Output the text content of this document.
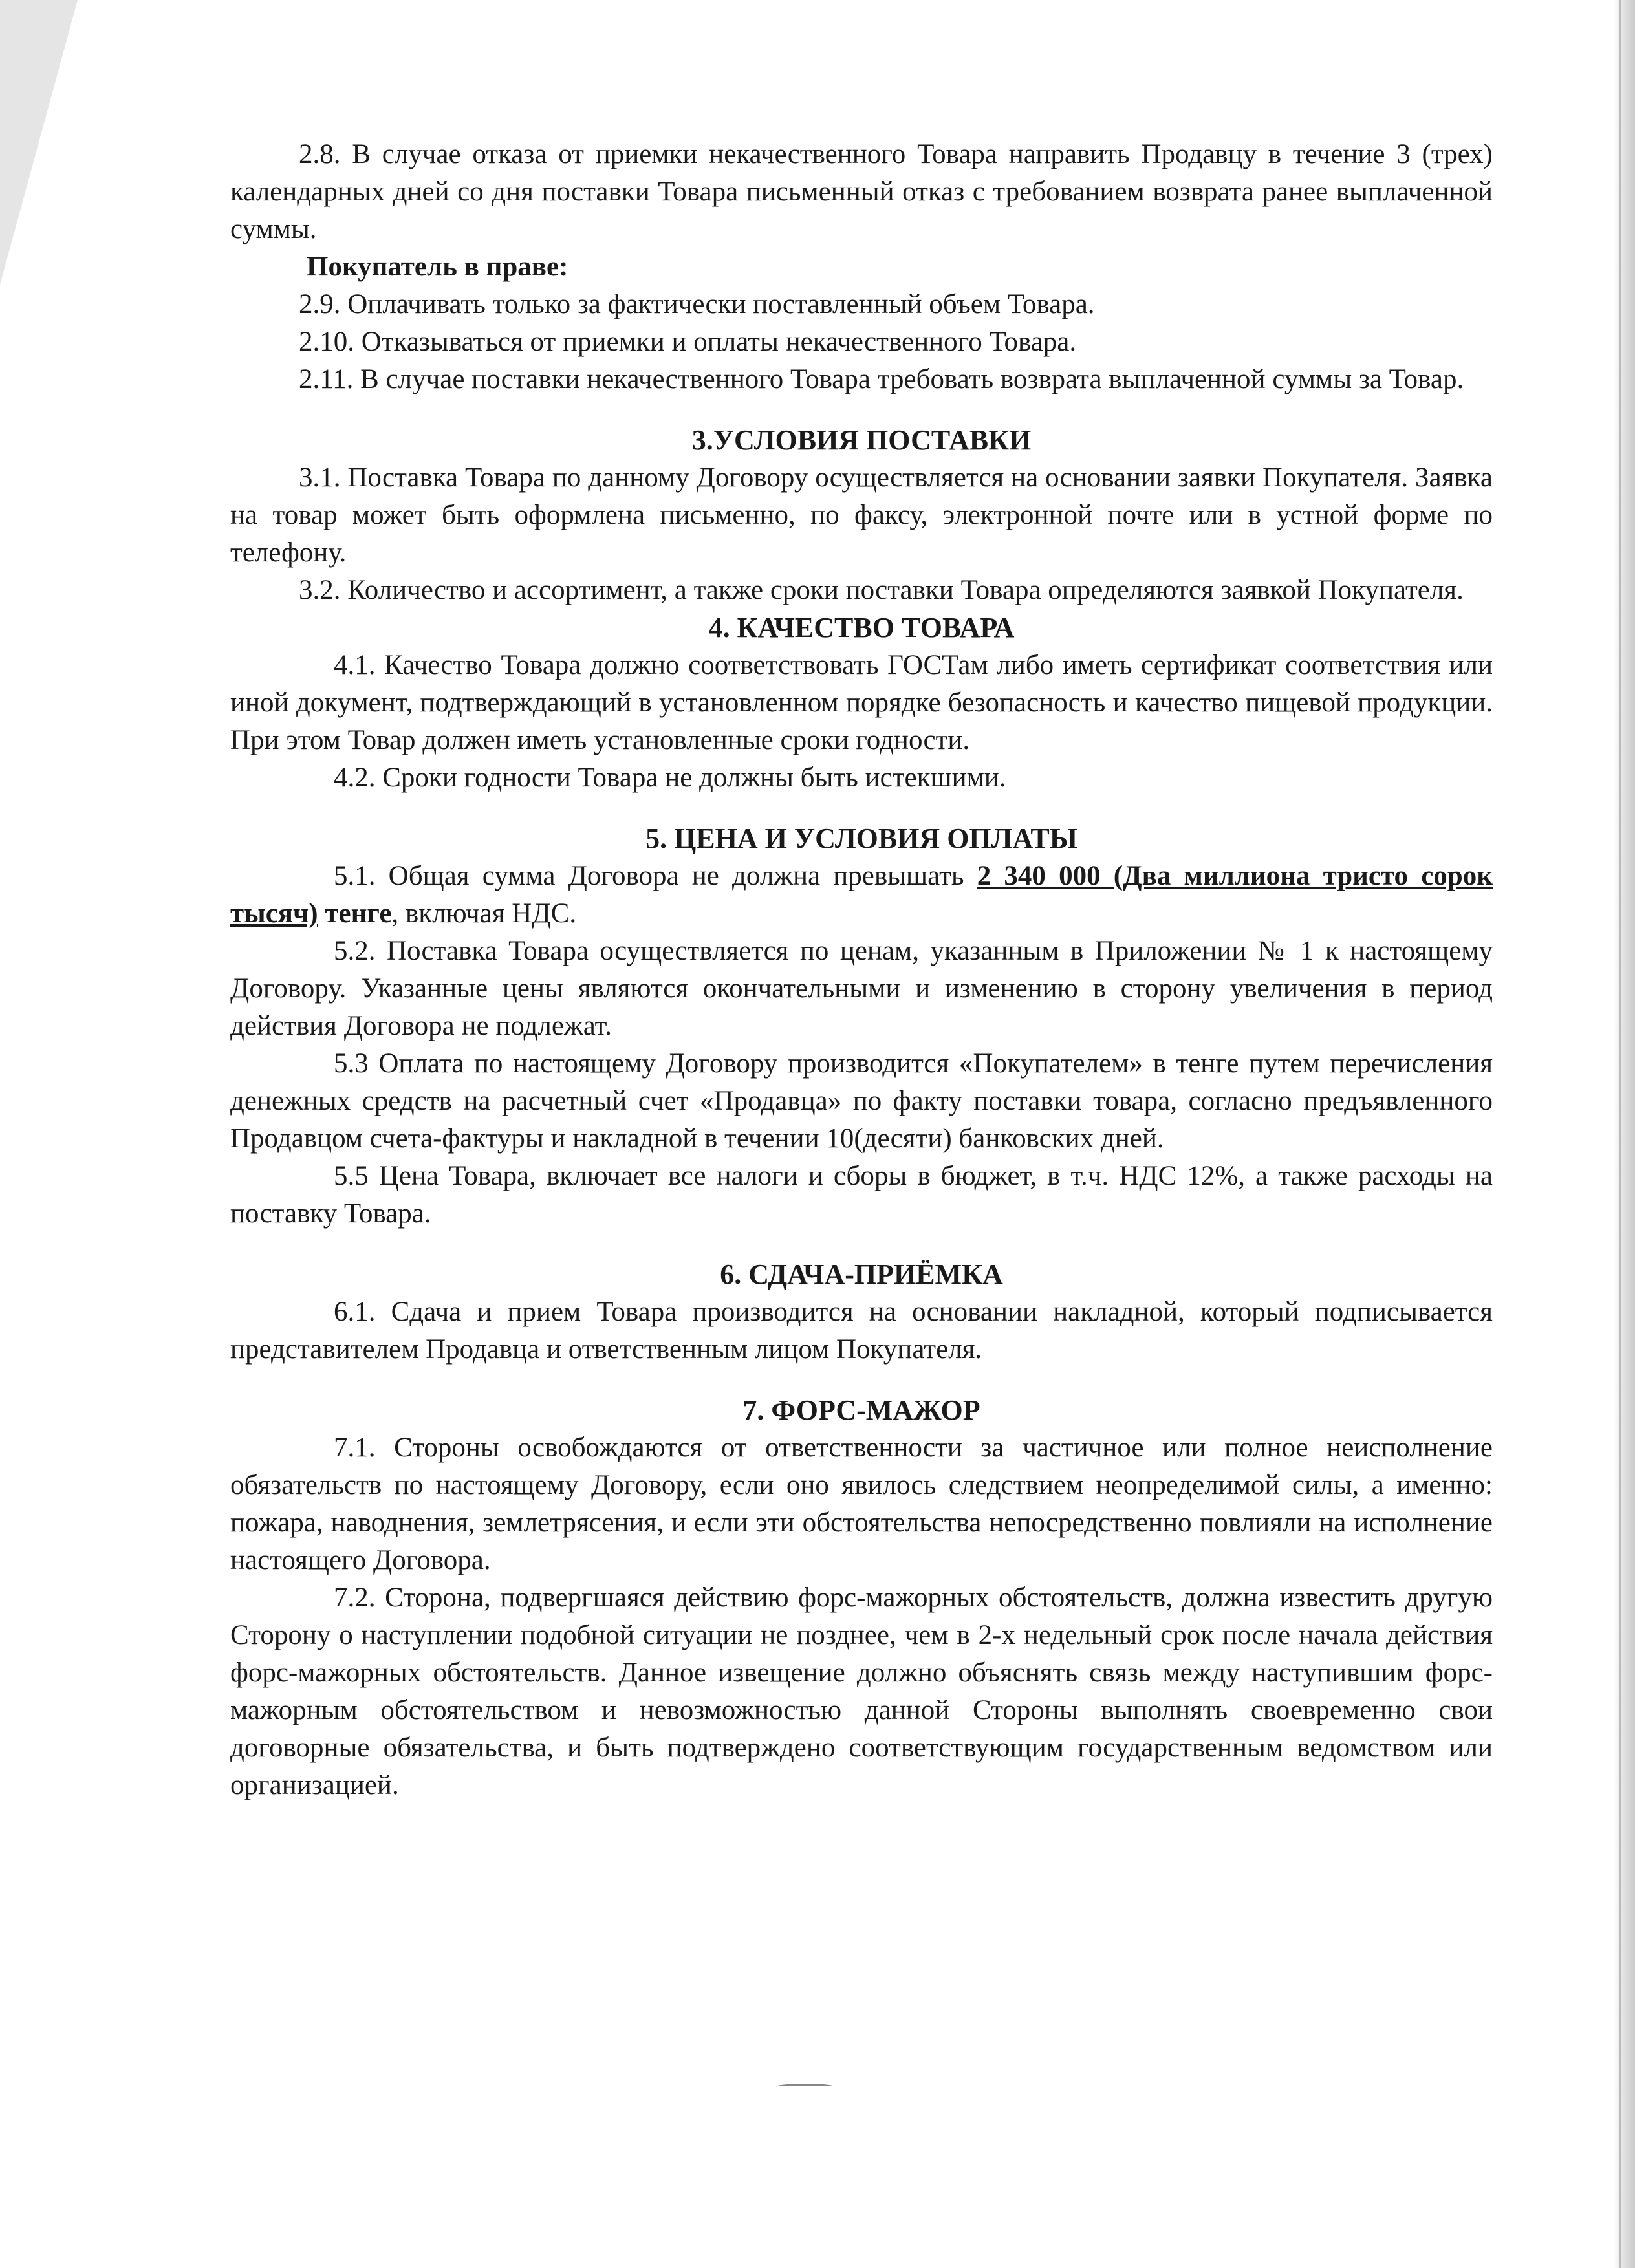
2.8. В случае отказа от приемки некачественного Товара направить Продавцу в течение 3 (трех) календарных дней со дня поставки Товара письменный отказ с требованием возврата ранее выплаченной суммы.

Покупатель в праве:

2.9. Оплачивать только за фактически поставленный объем Товара.

2.10. Отказываться от приемки и оплаты некачественного Товара.

2.11. В случае поставки некачественного Товара требовать возврата выплаченной суммы за Товар.

3.УСЛОВИЯ ПОСТАВКИ

3.1. Поставка Товара по данному Договору осуществляется на основании заявки Покупателя. Заявка на товар может быть оформлена письменно, по факсу, электронной почте или в устной форме по телефону.

3.2. Количество и ассортимент, а также сроки поставки Товара определяются заявкой Покупателя.

4. КАЧЕСТВО ТОВАРА

4.1. Качество Товара должно соответствовать ГОСТам либо иметь сертификат соответствия или иной документ, подтверждающий в установленном порядке безопасность и качество пищевой продукции. При этом Товар должен иметь установленные сроки годности.

4.2. Сроки годности Товара не должны быть истекшими.

5. ЦЕНА И УСЛОВИЯ ОПЛАТЫ

5.1. Общая сумма Договора не должна превышать 2 340 000 (Два миллиона тристо сорок тысяч) тенге, включая НДС.

5.2. Поставка Товара осуществляется по ценам, указанным в Приложении № 1 к настоящему Договору. Указанные цены являются окончательными и изменению в сторону увеличения в период действия Договора не подлежат.

5.3 Оплата по настоящему Договору производится «Покупателем» в тенге путем перечисления денежных средств на расчетный счет «Продавца» по факту поставки товара, согласно предъявленного Продавцом счета-фактуры и накладной в течении 10(десяти) банковских дней.

5.5 Цена Товара, включает все налоги и сборы в бюджет, в т.ч. НДС 12%, а также расходы на поставку Товара.

6. СДАЧА-ПРИЁМКА

6.1. Сдача и прием Товара производится на основании накладной, который подписывается представителем Продавца и ответственным лицом Покупателя.

7. ФОРС-МАЖОР

7.1. Стороны освобождаются от ответственности за частичное или полное неисполнение обязательств по настоящему Договору, если оно явилось следствием неопределимой силы, а именно: пожара, наводнения, землетрясения, и если эти обстоятельства непосредственно повлияли на исполнение настоящего Договора.

7.2. Сторона, подвергшаяся действию форс-мажорных обстоятельств, должна известить другую Сторону о наступлении подобной ситуации не позднее, чем в 2-х недельный срок после начала действия форс-мажорных обстоятельств. Данное извещение должно объяснять связь между наступившим форс-мажорным обстоятельством и невозможностью данной Стороны выполнять своевременно свои договорные обязательства, и быть подтверждено соответствующим государственным ведомством или организацией.
